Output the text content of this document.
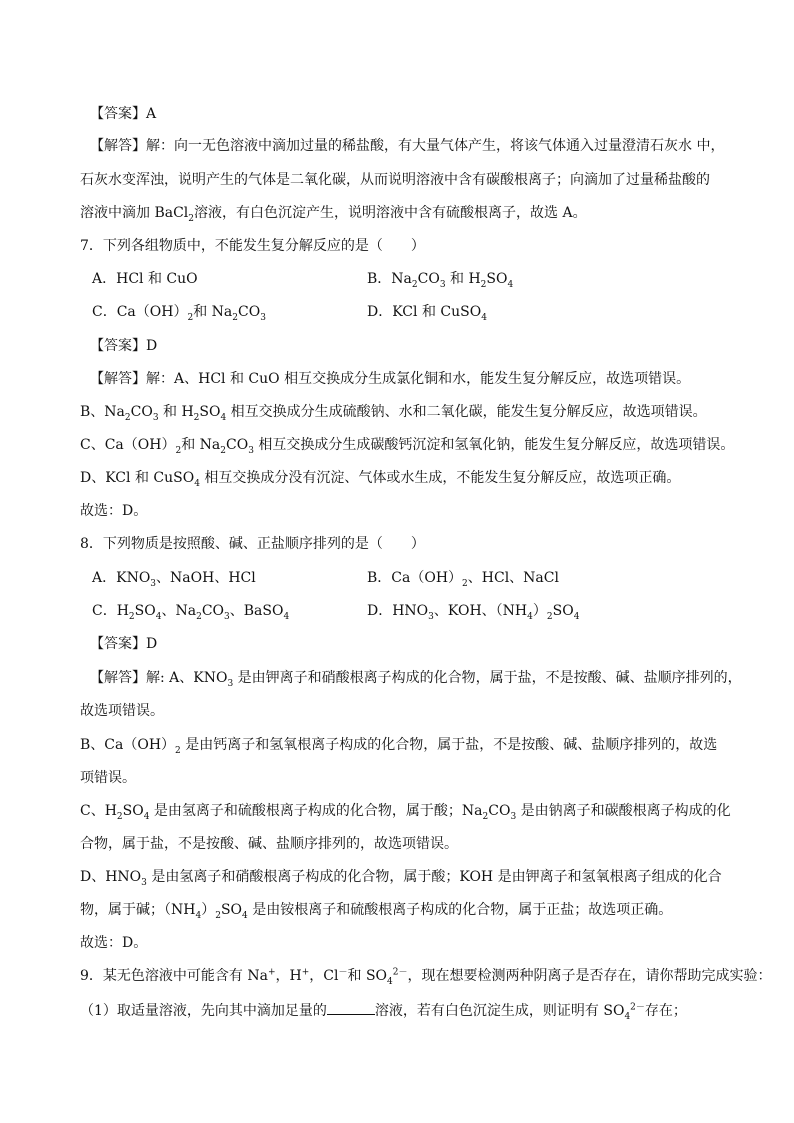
【答案】A
【解答】解：向一无色溶液中滴加过量的稀盐酸，有大量气体产生，将该气体通入过量澄清石灰水 中，
石灰水变浑浊，说明产生的气体是二氧化碳，从而说明溶液中含有碳酸根离子；向滴加了过量稀盐酸的
溶液中滴加 BaCl$_2$溶液，有白色沉淀产生，说明溶液中含有硫酸根离子，故选 A。
7．下列各组物质中，不能发生复分解反应的是（　　）
A．HCl 和 CuO	B．$Na_2CO_3$ 和 $H_2SO_4$
C．$Ca(OH)_2$和 $Na_2CO_3$	D．KCl 和 CuSO$_4$
【答案】D
【解答】解：A、HCl 和 CuO 相互交换成分生成氯化铜和水，能发生复分解反应，故选项错误。
B、$Na_2CO_3$ 和 $H_2SO_4$ 相互交换成分生成硫酸钠、水和二氧化碳，能发生复分解反应，故选项错误。
C、$Ca(OH)_2$和 $Na_2CO_3$ 相互交换成分生成碳酸钙沉淀和氢氧化钠，能发生复分解反应，故选项错误。
D、KCl 和 CuSO$_4$ 相互交换成分没有沉淀、气体或水生成，不能发生复分解反应，故选项正确。
故选：D。
8．下列物质是按照酸、碱、正盐顺序排列的是（　　）
A．$KNO_3$、NaOH、HCl	B．$Ca(OH)_2$、HCl、NaCl
C．$H_2SO_4$、$Na_2CO_3$、BaSO$_4$	D．$HNO_3$、KOH、$(NH_4)_2SO_4$
【答案】D
【解答】解: A、$KNO_3$ 是由钾离子和硝酸根离子构成的化合物，属于盐，不是按酸、碱、盐顺序排列的，
故选项错误。
B、$Ca(OH)_2$ 是由钙离子和氢氧根离子构成的化合物，属于盐，不是按酸、碱、盐顺序排列的，故选
项错误。
C、$H_2SO_4$ 是由氢离子和硫酸根离子构成的化合物，属于酸；$Na_2CO_3$ 是由钠离子和碳酸根离子构成的化
合物，属于盐，不是按酸、碱、盐顺序排列的，故选项错误。
D、$HNO_3$ 是由氢离子和硝酸根离子构成的化合物，属于酸；KOH 是由钾离子和氢氧根离子组成的化合
物，属于碱；$(NH_4)_2SO_4$ 是由铵根离子和硫酸根离子构成的化合物，属于正盐；故选项正确。
故选：D。
9．某无色溶液中可能含有 Na+，H+，Cl－和 $SO_4^{2-}$，现在想要检测两种阴离子是否存在，请你帮助完成实验：
（1）取适量溶液，先向其中滴加足量的	溶液，若有白色沉淀生成，则证明有 $SO_4^{2-}$存在；
